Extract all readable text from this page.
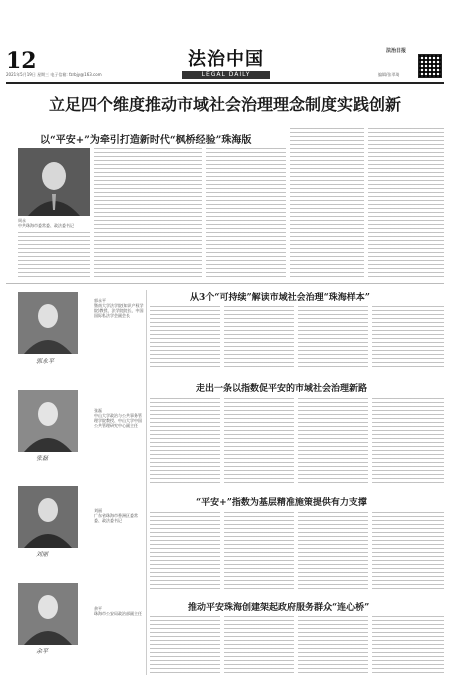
12
2021年5月19日 星期三 电子信箱: fzrbjy@163.com
法治中国
LEGAL DAILY
法治日报
编辑/张翠琦
立足四个维度推动市域社会治理理念制度实践创新
以“平安+”为牵引打造新时代“枫桥经验”珠海版
周永
中共珠海市委常委、政法委书记
郭永平
郭永平
暨南大学法学院(知识产权学院)教授、法学院院长、中国国际私法学会副会长
张磊
张磊
中山大学政治与公共事务管理学院教授、中山大学中国公共管理研究中心副主任
刘丽
刘丽
广东省珠海市香洲区委常委、政法委书记
余平
余平
珠海市公安局政治部副主任
从3个“可持续”解读市域社会治理“珠海样本”
走出一条以指数促平安的市域社会治理新路
“平安+”指数为基层精准施策提供有力支撑
推动平安珠海创建架起政府服务群众“连心桥”
